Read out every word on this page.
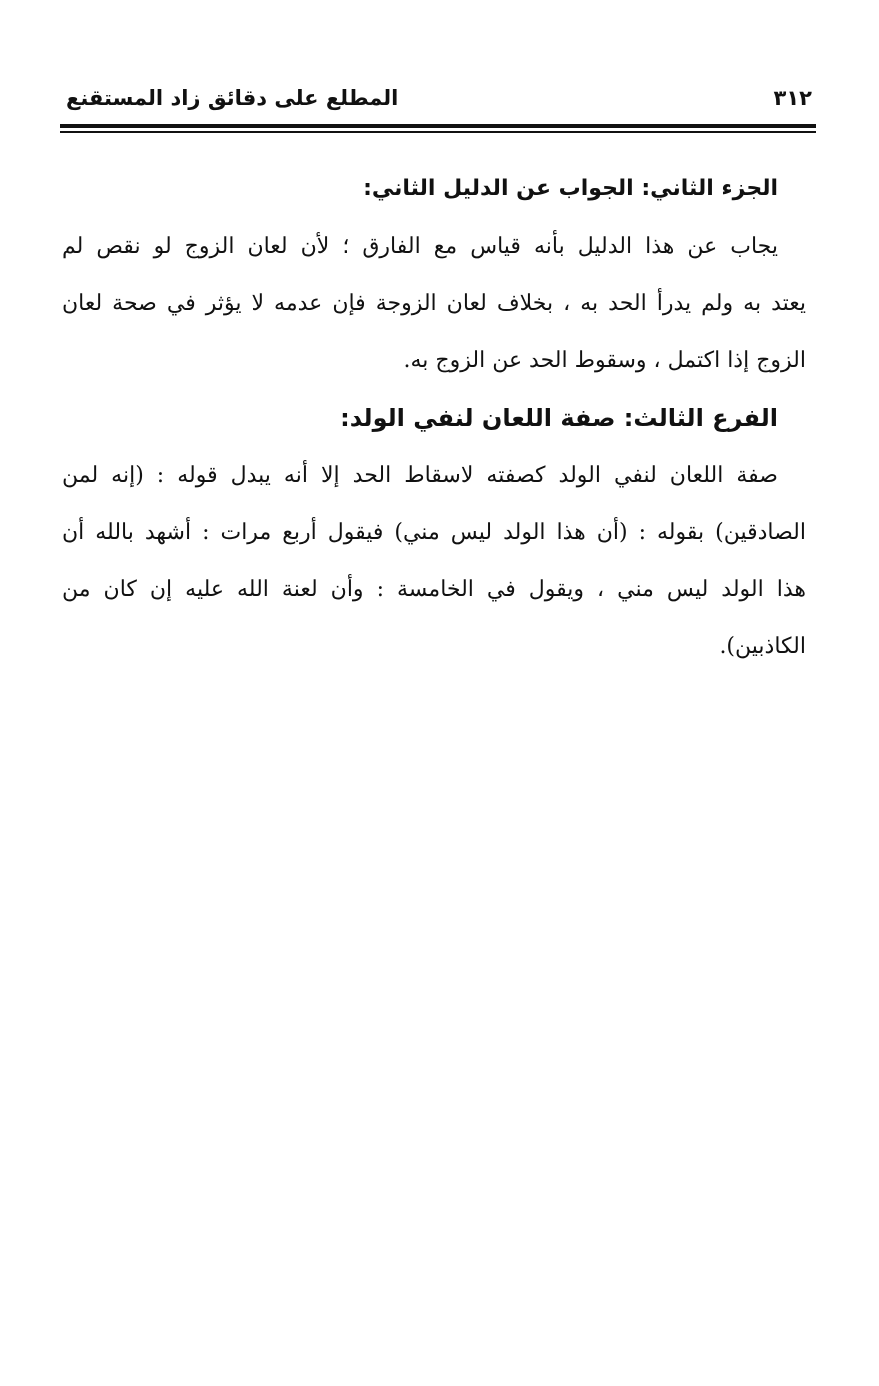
المطلع على دقائق زاد المستقنع	٣١٢
الجزء الثاني: الجواب عن الدليل الثاني:
يجاب عن هذا الدليل بأنه قياس مع الفارق ؛ لأن لعان الزوج لو نقص لم
يعتد به ولم يدرأ الحد به ، بخلاف لعان الزوجة فإن عدمه لا يؤثر في صحة لعان
الزوج إذا اكتمل ، وسقوط الحد عن الزوج به.
الفرع الثالث: صفة اللعان لنفي الولد:
صفة اللعان لنفي الولد كصفته لاسقاط الحد إلا أنه يبدل قوله : (إنه لمن
الصادقين) بقوله : (أن هذا الولد ليس مني) فيقول أربع مرات : أشهد بالله أن
هذا الولد ليس مني ، ويقول في الخامسة : وأن لعنة الله عليه إن كان من
الكاذبين).
